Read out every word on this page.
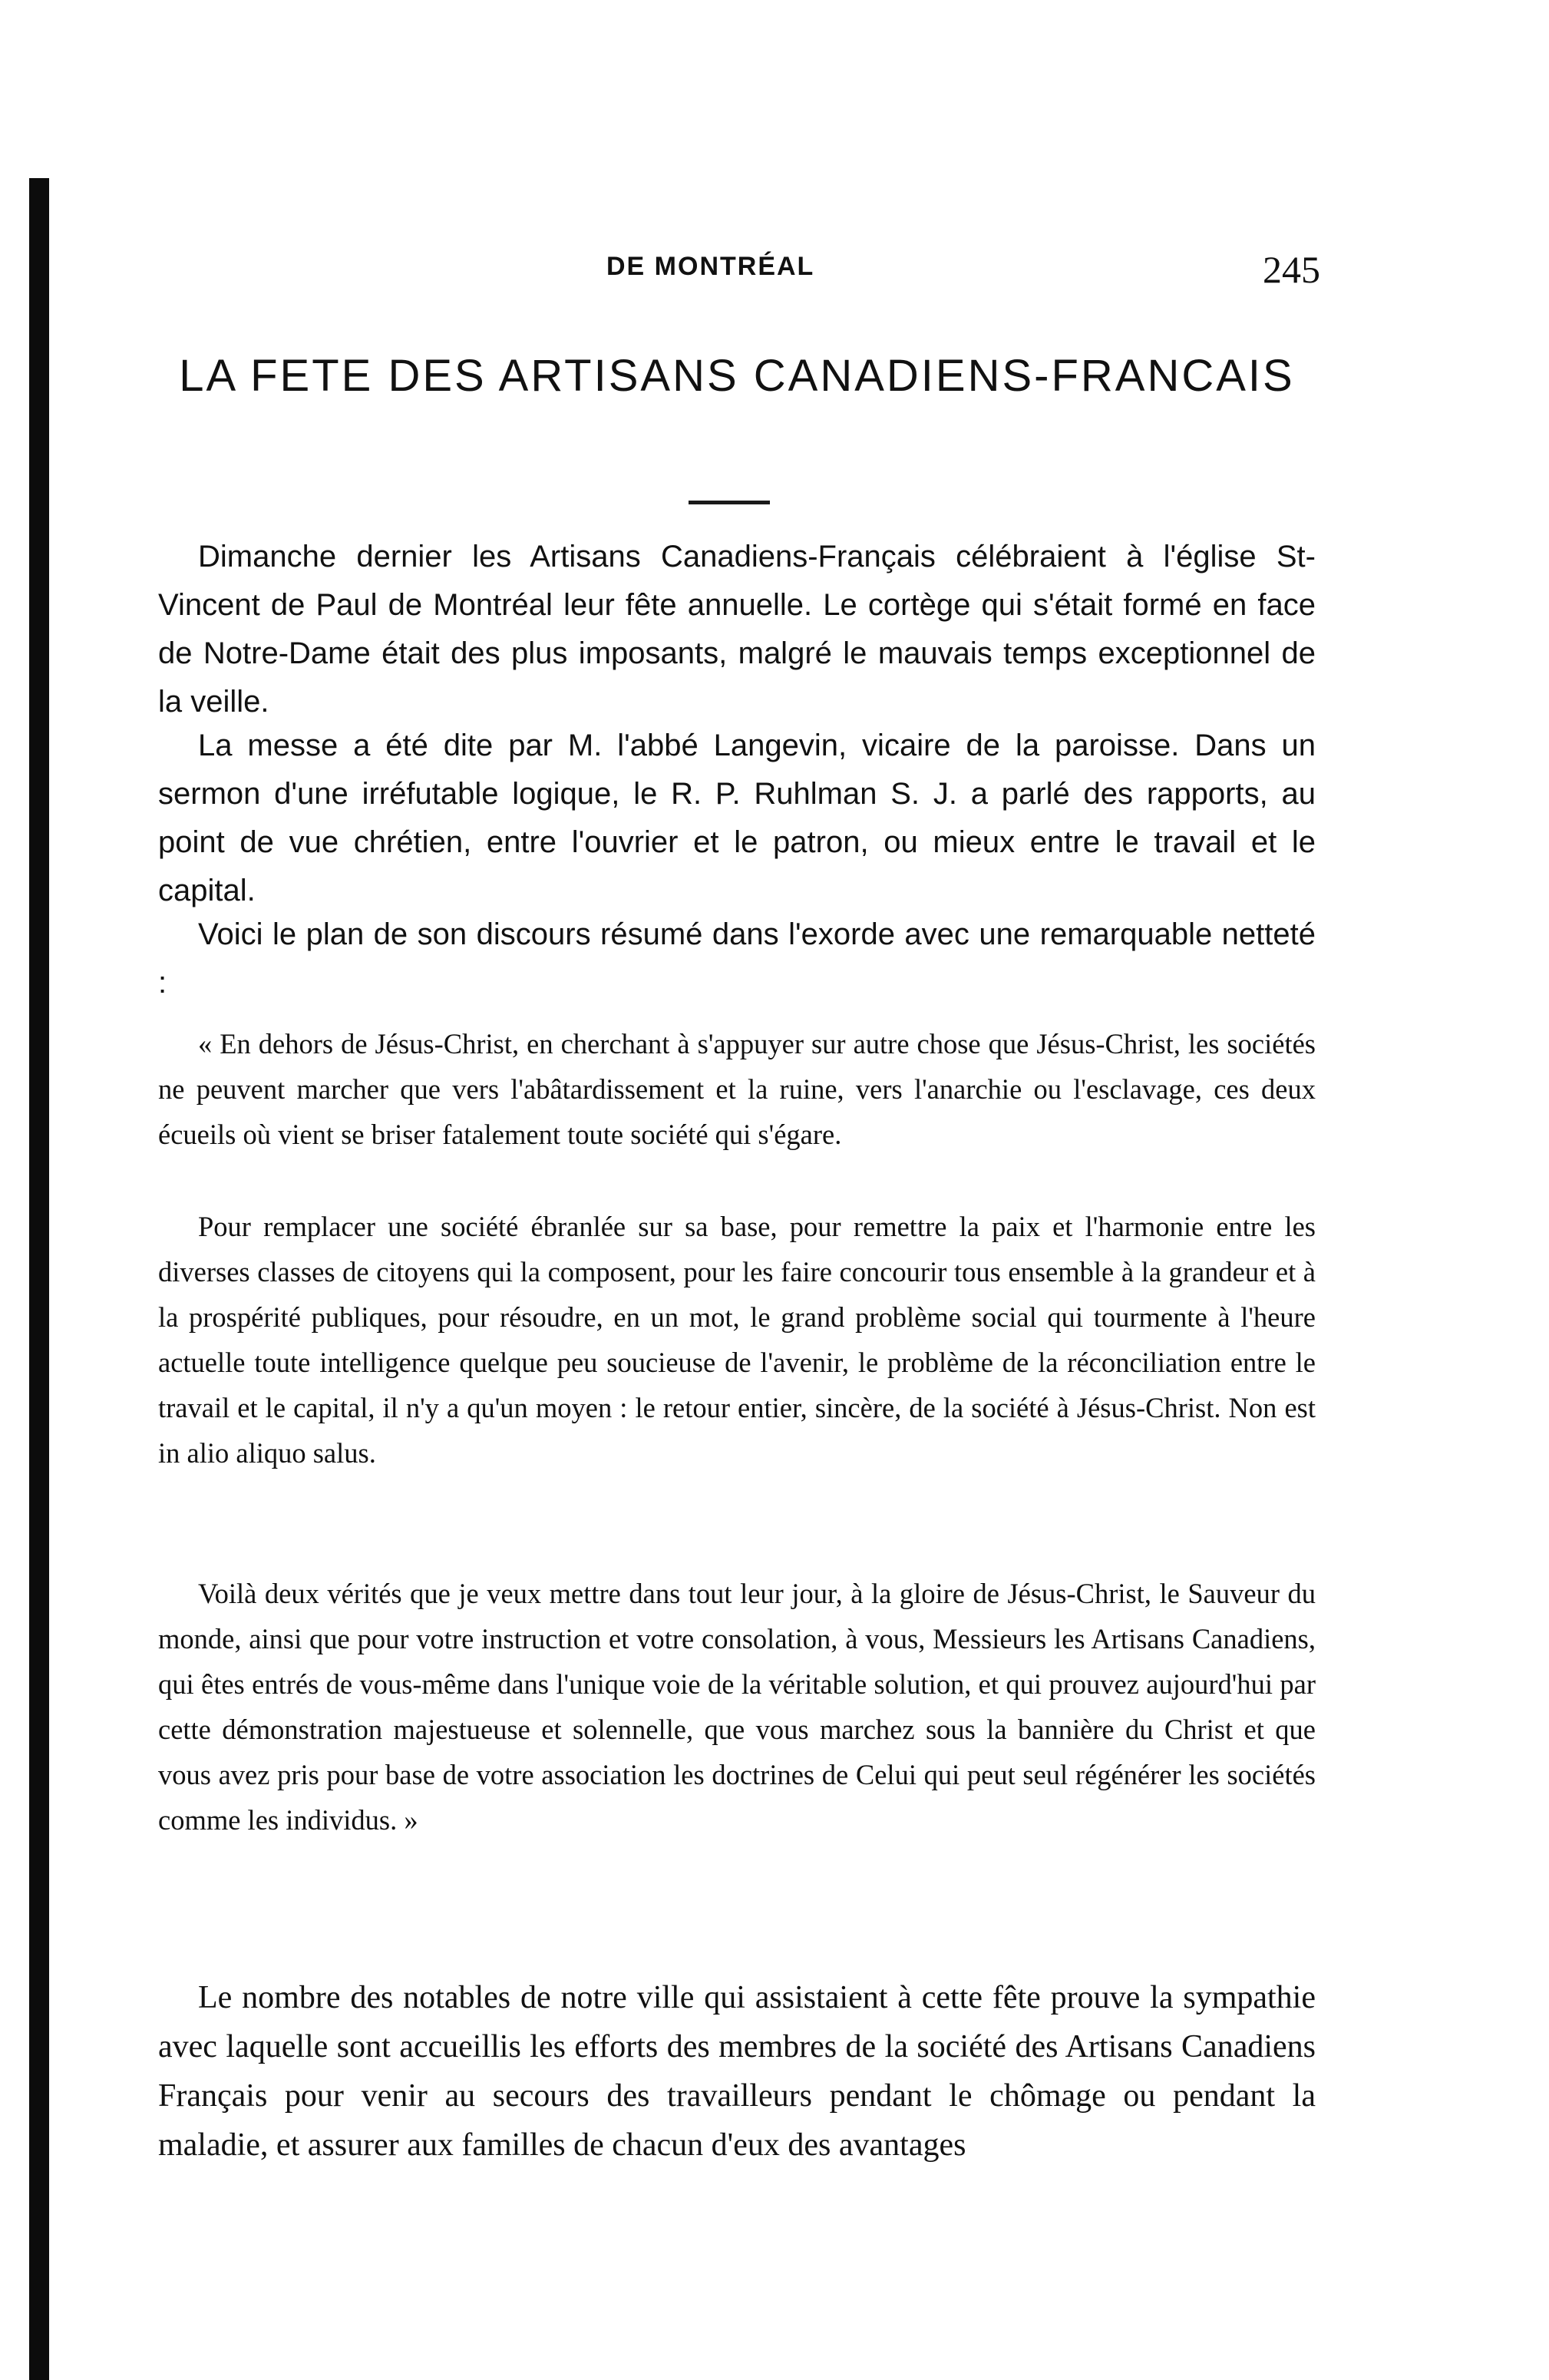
DE MONTRÉAL	245
LA FETE DES ARTISANS CANADIENS-FRANCAIS

Dimanche dernier les Artisans Canadiens-Français célébraient à l'église St-Vincent de Paul de Montréal leur fête annuelle. Le cortège qui s'était formé en face de Notre-Dame était des plus imposants, malgré le mauvais temps exceptionnel de la veille.

La messe a été dite par M. l'abbé Langevin, vicaire de la paroisse. Dans un sermon d'une irréfutable logique, le R. P. Ruhlman S. J. a parlé des rapports, au point de vue chrétien, entre l'ouvrier et le patron, ou mieux entre le travail et le capital.

Voici le plan de son discours résumé dans l'exorde avec une remarquable netteté :

« En dehors de Jésus-Christ, en cherchant à s'appuyer sur autre chose que Jésus-Christ, les sociétés ne peuvent marcher que vers l'abâtardissement et la ruine, vers l'anarchie ou l'esclavage, ces deux écueils où vient se briser fatalement toute société qui s'égare.

Pour remplacer une société ébranlée sur sa base, pour remettre la paix et l'harmonie entre les diverses classes de citoyens qui la composent, pour les faire concourir tous ensemble à la grandeur et à la prospérité publiques, pour résoudre, en un mot, le grand problème social qui tourmente à l'heure actuelle toute intelligence quelque peu soucieuse de l'avenir, le problème de la réconciliation entre le travail et le capital, il n'y a qu'un moyen : le retour entier, sincère, de la société à Jésus-Christ. Non est in alio aliquo salus.

Voilà deux vérités que je veux mettre dans tout leur jour, à la gloire de Jésus-Christ, le Sauveur du monde, ainsi que pour votre instruction et votre consolation, à vous, Messieurs les Artisans Canadiens, qui êtes entrés de vous-même dans l'unique voie de la véritable solution, et qui prouvez aujourd'hui par cette démonstration majestueuse et solennelle, que vous marchez sous la bannière du Christ et que vous avez pris pour base de votre association les doctrines de Celui qui peut seul régénérer les sociétés comme les individus. »

Le nombre des notables de notre ville qui assistaient à cette fête prouve la sympathie avec laquelle sont accueillis les efforts des membres de la société des Artisans Canadiens Français pour venir au secours des travailleurs pendant le chômage ou pendant la maladie, et assurer aux familles de chacun d'eux des avantages
